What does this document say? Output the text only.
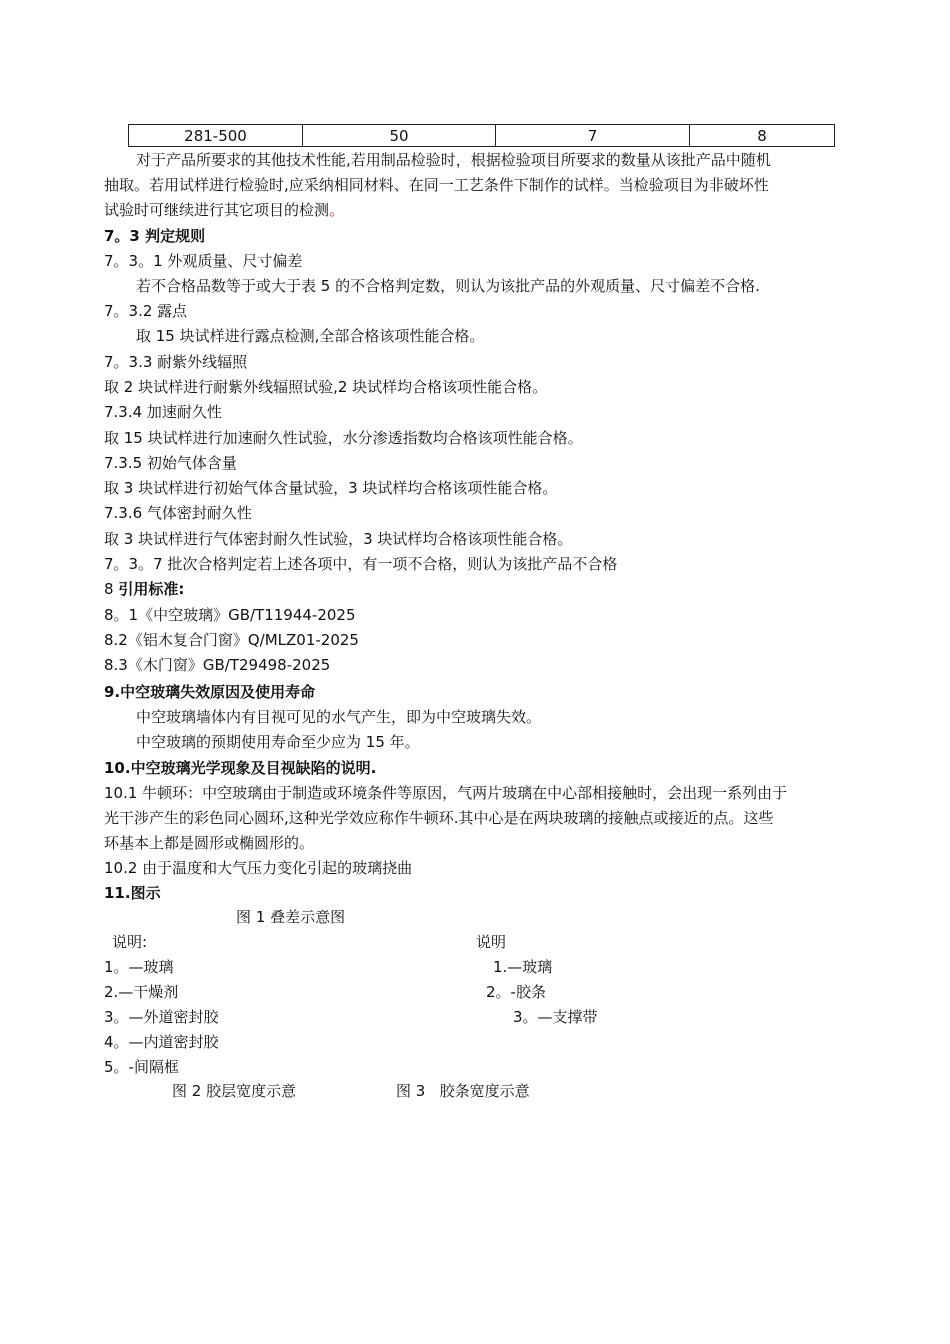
281-500	50	7	8
对于产品所要求的其他技术性能,若用制品检验时，根据检验项目所要求的数量从该批产品中随机
抽取。若用试样进行检验时,应采纳相同材料、在同一工艺条件下制作的试样。当检验项目为非破坏性
试验时可继续进行其它项目的检测。
7。3 判定规则
7。3。1 外观质量、尺寸偏差
若不合格品数等于或大于表 5 的不合格判定数，则认为该批产品的外观质量、尺寸偏差不合格.
7。3.2 露点
取 15 块试样进行露点检测,全部合格该项性能合格。
7。3.3 耐紫外线辐照
取 2 块试样进行耐紫外线辐照试验,2 块试样均合格该项性能合格。
7.3.4 加速耐久性
取 15 块试样进行加速耐久性试验，水分渗透指数均合格该项性能合格。
7.3.5 初始气体含量
取 3 块试样进行初始气体含量试验，3 块试样均合格该项性能合格。
7.3.6 气体密封耐久性
取 3 块试样进行气体密封耐久性试验，3 块试样均合格该项性能合格。
7。3。7 批次合格判定若上述各项中，有一项不合格，则认为该批产品不合格
8 引用标准:
8。1《中空玻璃》GB/T11944-2025
8.2《铝木复合门窗》Q/MLZ01-2025
8.3《木门窗》GB/T29498-2025
9.中空玻璃失效原因及使用寿命
中空玻璃墙体内有目视可见的水气产生，即为中空玻璃失效。
中空玻璃的预期使用寿命至少应为 15 年。
10.中空玻璃光学现象及目视缺陷的说明.
10.1 牛顿环：中空玻璃由于制造或环境条件等原因，气两片玻璃在中心部相接触时，会出现一系列由于
光干涉产生的彩色同心圆环,这种光学效应称作牛顿环.其中心是在两块玻璃的接触点或接近的点。这些
环基本上都是圆形或椭圆形的。
10.2 由于温度和大气压力变化引起的玻璃挠曲
11.图示
图 1 叠差示意图
说明:
1。—玻璃
2.—干燥剂
3。—外道密封胶
4。—内道密封胶
5。-间隔框
说明
1.—玻璃
2。-胶条
3。—支撑带
图 2 胶层宽度示意	图 3   胶条宽度示意
